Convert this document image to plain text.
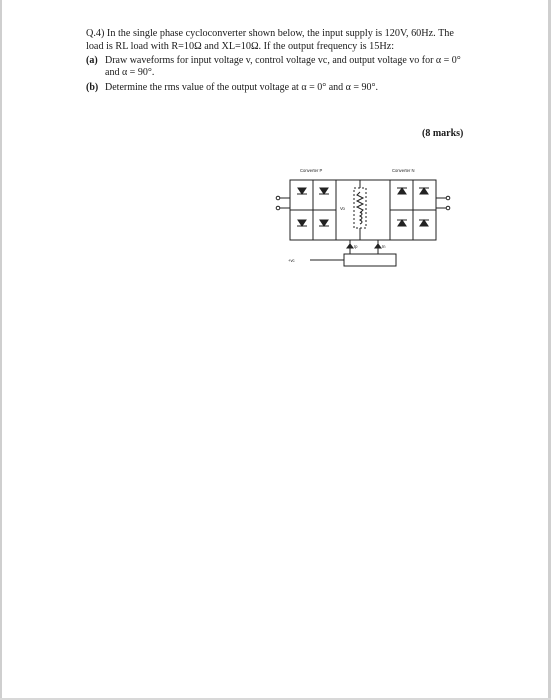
Q.4) In the single phase cycloconverter shown below, the input supply is 120V, 60Hz. The load is RL load with R=10Ω and XL=10Ω. If the output frequency is 15Hz:

(a) Draw waveforms for input voltage v, control voltage vc, and output voltage vo for α = 0° and α = 90°.

(b) Determine the rms value of the output voltage at α = 0° and α = 90°.

(8 marks)
Converter P	Converter N
Vo
+vc
Ip	In
